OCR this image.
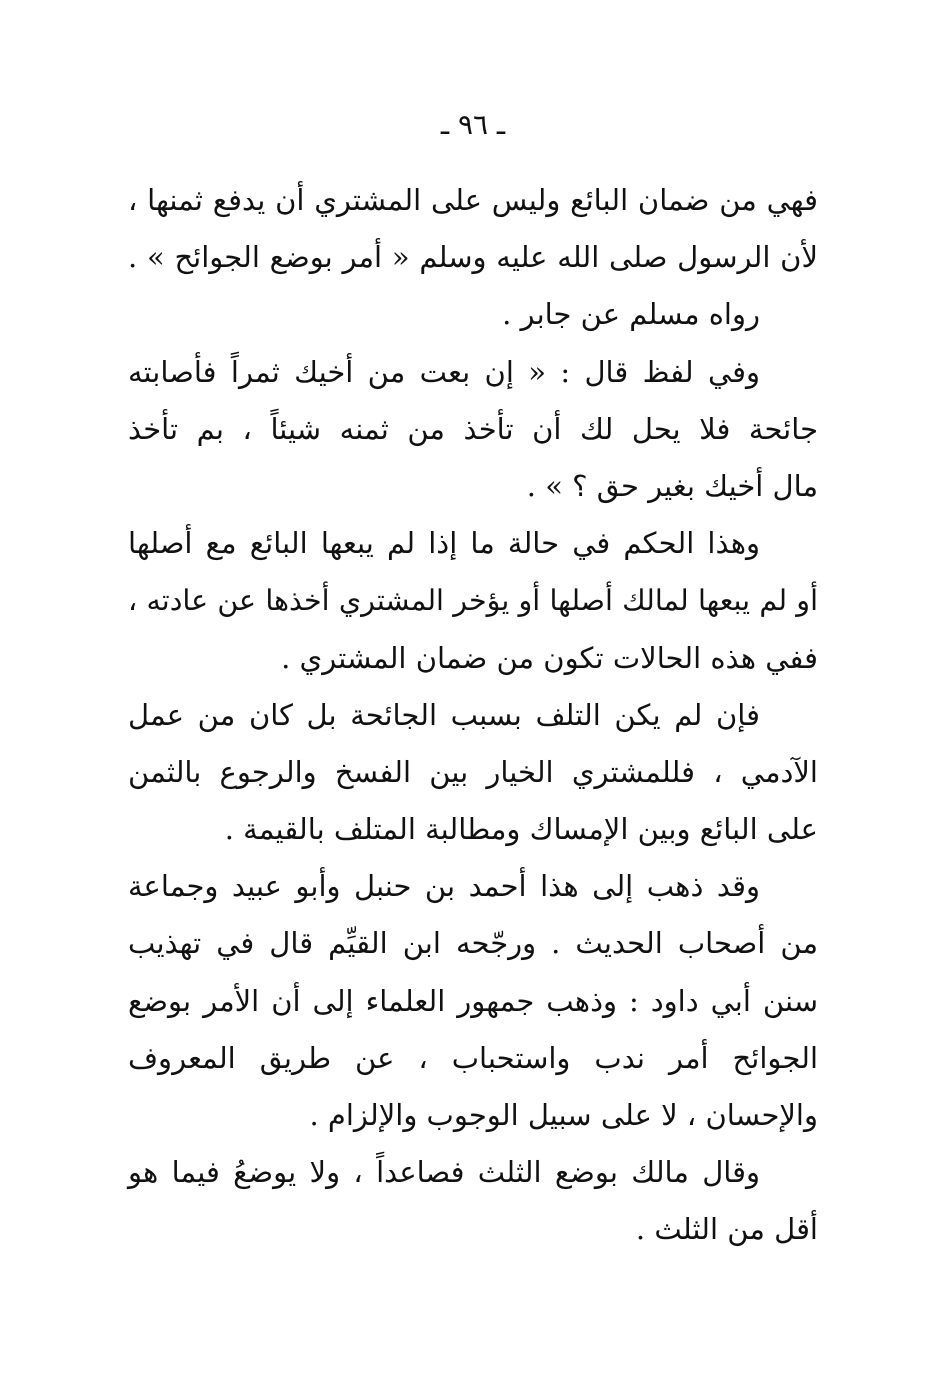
ـ ٩٦ ـ
فهي من ضمان البائع وليس على المشتري أن يدفع ثمنها ،
لأن الرسول صلى الله عليه وسلم « أمر بوضع الجوائح » .
رواه مسلم عن جابر .
وفي لفظ قال : « إن بعت من أخيك ثمراً فأصابته
جائحة فلا يحل لك أن تأخذ من ثمنه شيئاً ، بم تأخذ
مال أخيك بغير حق ؟ » .
وهذا الحكم في حالة ما إذا لم يبعها البائع مع أصلها
أو لم يبعها لمالك أصلها أو يؤخر المشتري أخذها عن عادته ،
ففي هذه الحالات تكون من ضمان المشتري .
فإن لم يكن التلف بسبب الجائحة بل كان من عمل
الآدمي ، فللمشتري الخيار بين الفسخ والرجوع بالثمن
على البائع وبين الإمساك ومطالبة المتلف بالقيمة .
وقد ذهب إلى هذا أحمد بن حنبل وأبو عبيد وجماعة
من أصحاب الحديث . ورجّحه ابن القيِّم قال في تهذيب
سنن أبي داود : وذهب جمهور العلماء إلى أن الأمر بوضع
الجوائح أمر ندب واستحباب ، عن طريق المعروف
والإحسان ، لا على سبيل الوجوب والإلزام .
وقال مالك بوضع الثلث فصاعداً ، ولا يوضعُ فيما هو
أقل من الثلث .
